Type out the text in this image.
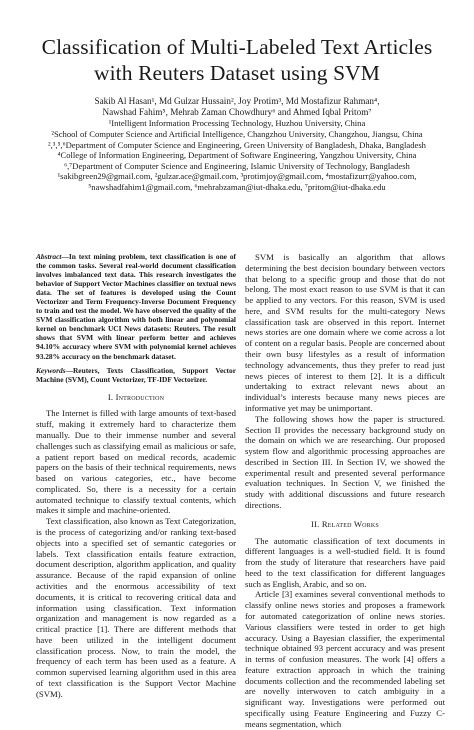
Classification of Multi-Labeled Text Articles with Reuters Dataset using SVM
Sakib Al Hasan¹, Md Gulzar Hussain², Joy Protim³, Md Mostafizur Rahman⁴,
Nawshad Fahim⁵, Mehrab Zaman Chowdhury⁶ and Ahmed Iqbal Pritom⁷
¹Intelligent Information Processing Technology, Huzhou University, China
²School of Computer Science and Artificial Intelligence, Changzhou University, Changzhou, Jiangsu, China
²,³,⁵,⁶Department of Computer Science and Engineering, Green University of Bangladesh, Dhaka, Bangladesh
⁴College of Information Engineering, Department of Software Engineering, Yangzhou University, China
⁶,⁷Department of Computer Science and Engineering, Islamic University of Technology, Bangladesh
¹sakibgreen29@gmail.com, ²gulzar.ace@gmail.com, ³protimjoy@gmail.com, ⁴mostafizurr@yahoo.com,
⁵nawshadfahim1@gmail.com, ⁶mehrabzaman@iut-dhaka.edu, ⁷pritom@iut-dhaka.edu
Abstract—In text mining problem, text classification is one of the common tasks. Several real-world document classification involves imbalanced text data. This research investigates the behavior of Support Vector Machines classifier on textual news data. The set of features is developed using the Count Vectorizer and Term Frequency-Inverse Document Frequency to train and test the model. We have observed the quality of the SVM classification algorithm with both linear and polynomial kernel on benchmark UCI News datasets: Reuters. The result shows that SVM with linear perform better and achieves 94.10% accuracy where SVM with polynomial kernel achieves 93.28% accuracy on the benchmark dataset.
Keywords—Reuters, Texts Classification, Support Vector Machine (SVM), Count Vectorizer, TF-IDF Vectorizer.
I. Introduction

The Internet is filled with large amounts of text-based stuff, making it extremely hard to characterize them manually. Due to their immense number and several challenges such as classifying email as malicious or safe, a patient report based on medical records, academic papers on the basis of their technical requirements, news based on various categories, etc., have become complicated. So, there is a necessity for a certain automated technique to classify textual contents, which makes it simple and machine-oriented.

Text classification, also known as Text Categorization, is the process of categorizing and/or ranking text-based objects into a specified set of semantic categories or labels. Text classification entails feature extraction, document description, algorithm application, and quality assurance. Because of the rapid expansion of online activities and the enormous accessibility of text documents, it is critical to recovering critical data and information using classification. Text information organization and management is now regarded as a critical practice [1]. There are different methods that have been utilized in the intelligent document classification process. Now, to train the model, the frequency of each term has been used as a feature. A common supervised learning algorithm used in this area of text classification is the Support Vector Machine (SVM).

SVM is basically an algorithm that allows determining the best decision boundary between vectors that belong to a specific group and those that do not belong. The most exact reason to use SVM is that it can be applied to any vectors. For this reason, SVM is used here, and SVM results for the multi-category News classification task are observed in this report. Internet news stories are one domain where we come across a lot of content on a regular basis. People are concerned about their own busy lifestyles as a result of information technology advancements, thus they prefer to read just news pieces of interest to them [2]. It is a difficult undertaking to extract relevant news about an individual’s interests because many news pieces are informative yet may be unimportant.

The following shows how the paper is structured. Section II provides the necessary background study on the domain on which we are researching. Our proposed system flow and algorithmic processing approaches are described in Section III. In Section IV, we showed the experimental result and presented several performance evaluation techniques. In Section V, we finished the study with additional discussions and future research directions.

II. Related Works

The automatic classification of text documents in different languages is a well-studied field. It is found from the study of literature that researchers have paid heed to the text classification for different languages such as English, Arabic, and so on.

Article [3] examines several conventional methods to classify online news stories and proposes a framework for automated categorization of online news stories. Various classifiers were tested in order to get high accuracy. Using a Bayesian classifier, the experimental technique obtained 93 percent accuracy and was present in terms of confusion measures. The work [4] offers a feature extraction approach in which the training documents collection and the recommended labeling set are novelly interwoven to catch ambiguity in a significant way. Investigations were performed out specifically using Feature Engineering and Fuzzy C-means segmentation, which
